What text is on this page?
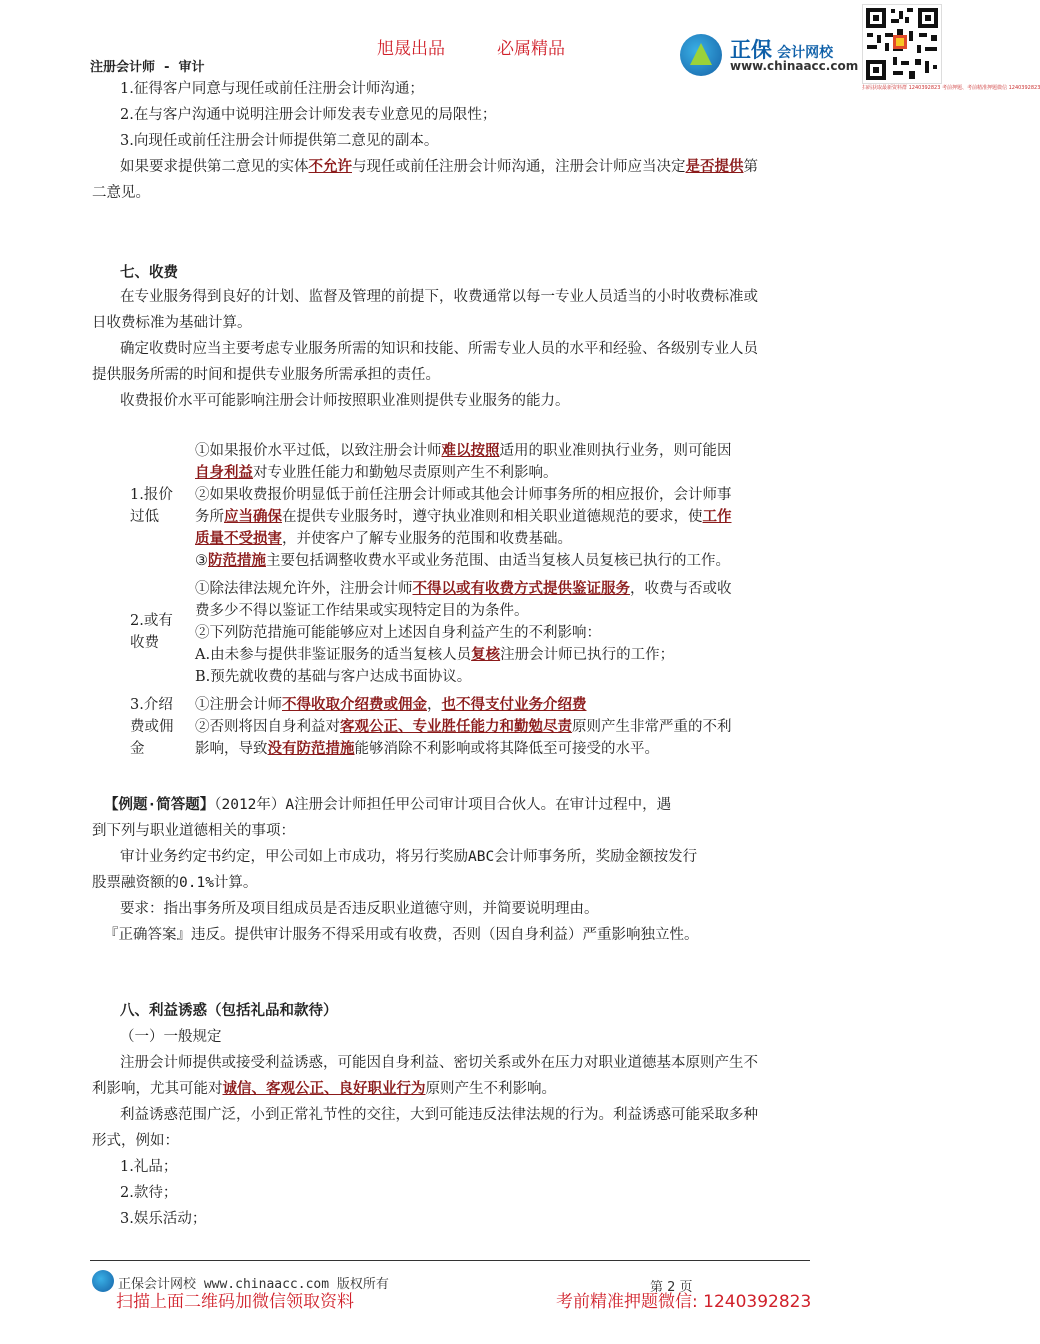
旭晟出品	必属精品
注册会计师 - 审计
正保 会计网校
www.chinaacc.com
扫码获取最新资料群 1240392823 考前押题、考前精准押题微信 1240392823

1.征得客户同意与现任或前任注册会计师沟通；

2.在与客户沟通中说明注册会计师发表专业意见的局限性；

3.向现任或前任注册会计师提供第二意见的副本。

如果要求提供第二意见的实体不允许与现任或前任注册会计师沟通，注册会计师应当决定是否提供第

二意见。

七、收费

在专业服务得到良好的计划、监督及管理的前提下，收费通常以每一专业人员适当的小时收费标准或

日收费标准为基础计算。

确定收费时应当主要考虑专业服务所需的知识和技能、所需专业人员的水平和经验、各级别专业人员

提供服务所需的时间和提供专业服务所需承担的责任。

收费报价水平可能影响注册会计师按照职业准则提供专业服务的能力。

1.报价
过低

①如果报价水平过低，以致注册会计师难以按照适用的职业准则执行业务，则可能因

自身利益对专业胜任能力和勤勉尽责原则产生不利影响。

②如果收费报价明显低于前任注册会计师或其他会计师事务所的相应报价，会计师事

务所应当确保在提供专业服务时，遵守执业准则和相关职业道德规范的要求，使工作

质量不受损害，并使客户了解专业服务的范围和收费基础。

③防范措施主要包括调整收费水平或业务范围、由适当复核人员复核已执行的工作。

2.或有
收费

①除法律法规允许外，注册会计师不得以或有收费方式提供鉴证服务，收费与否或收

费多少不得以鉴证工作结果或实现特定目的为条件。

②下列防范措施可能能够应对上述因自身利益产生的不利影响：

A.由未参与提供非鉴证服务的适当复核人员复核注册会计师已执行的工作；

B.预先就收费的基础与客户达成书面协议。

3.介绍
费或佣
金

①注册会计师不得收取介绍费或佣金，也不得支付业务介绍费

②否则将因自身利益对客观公正、专业胜任能力和勤勉尽责原则产生非常严重的不利

影响，导致没有防范措施能够消除不利影响或将其降低至可接受的水平。

【例题·简答题】（2012年）A注册会计师担任甲公司审计项目合伙人。在审计过程中，遇

到下列与职业道德相关的事项：

审计业务约定书约定，甲公司如上市成功，将另行奖励ABC会计师事务所，奖励金额按发行

股票融资额的0.1%计算。

要求：指出事务所及项目组成员是否违反职业道德守则，并简要说明理由。

『正确答案』违反。提供审计服务不得采用或有收费，否则（因自身利益）严重影响独立性。

八、利益诱惑（包括礼品和款待）

（一）一般规定

注册会计师提供或接受利益诱惑，可能因自身利益、密切关系或外在压力对职业道德基本原则产生不

利影响，尤其可能对诚信、客观公正、良好职业行为原则产生不利影响。

利益诱惑范围广泛，小到正常礼节性的交往，大到可能违反法律法规的行为。利益诱惑可能采取多种

形式，例如：

1.礼品；

2.款待；

3.娱乐活动；

正保会计网校 www.chinaacc.com 版权所有	第 2 页
扫描上面二维码加微信领取资料	考前精准押题微信: 1240392823
